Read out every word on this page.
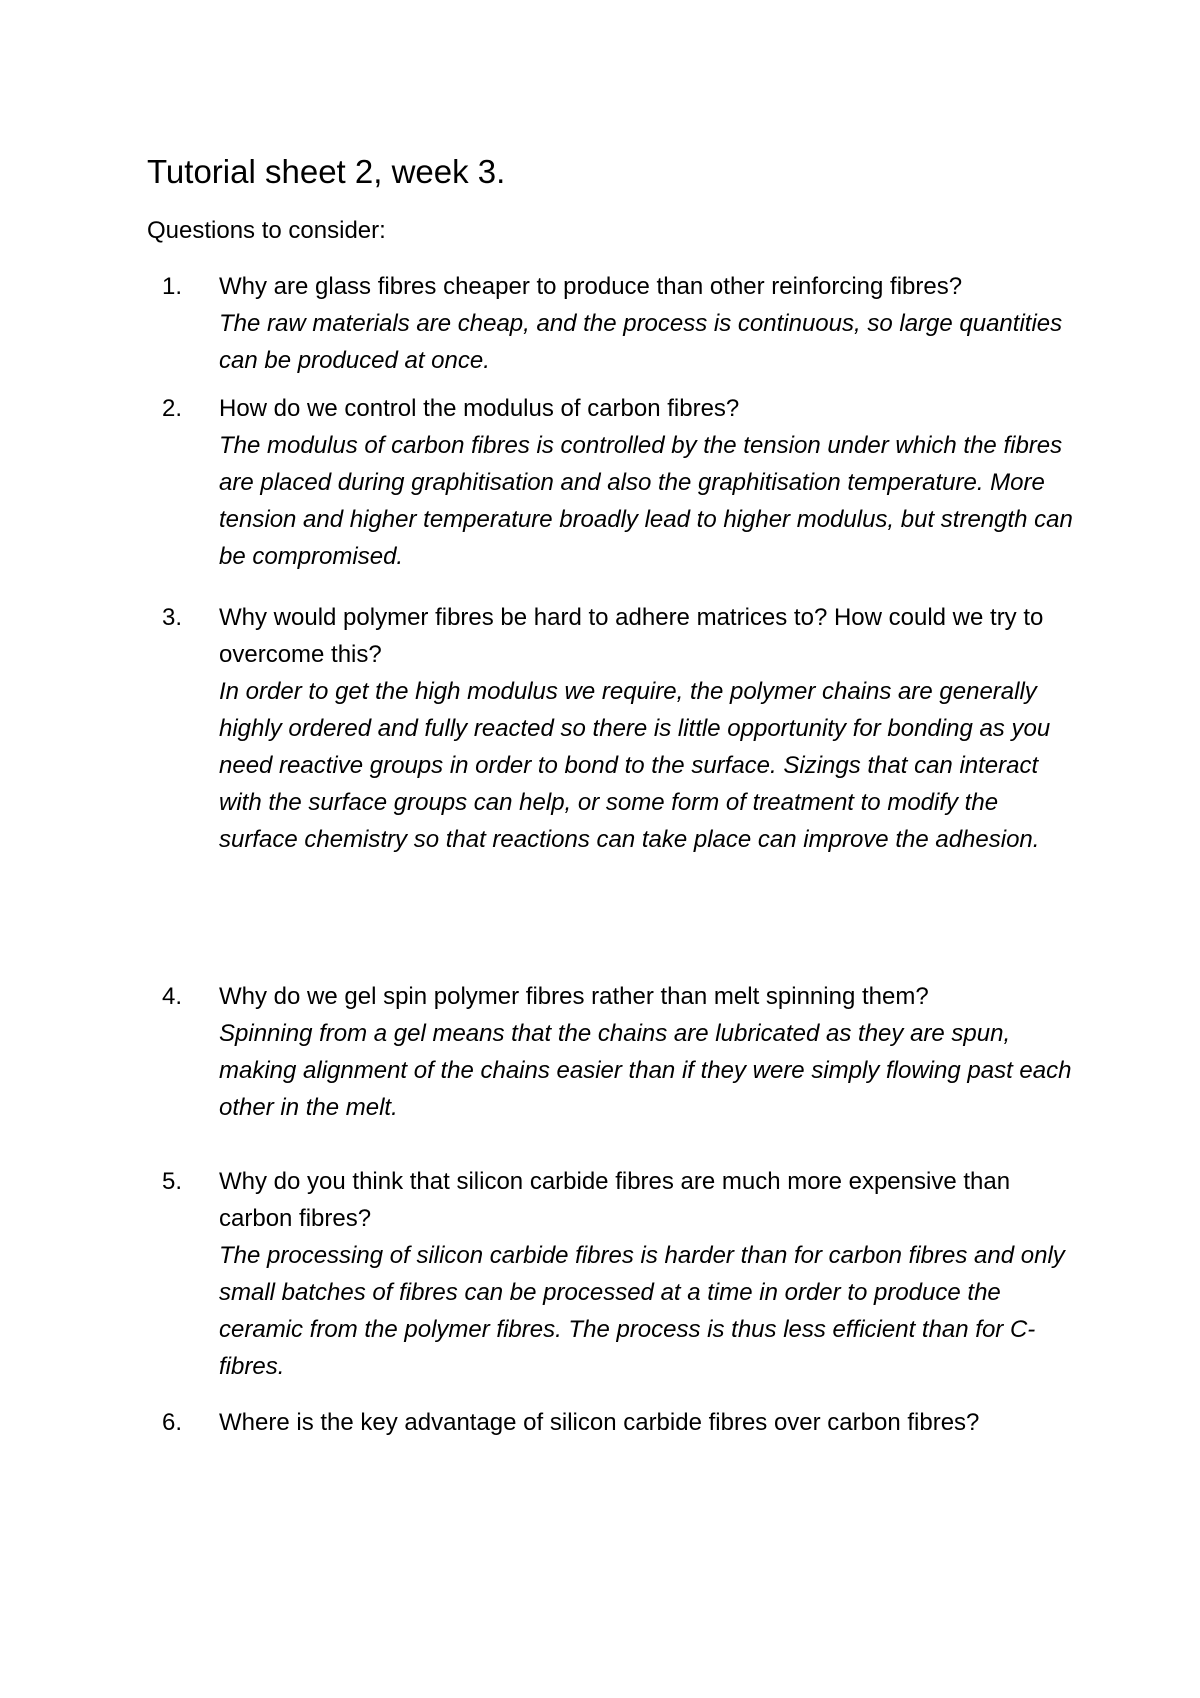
Tutorial sheet 2, week 3.

Questions to consider:

1. Why are glass fibres cheaper to produce than other reinforcing fibres?

The raw materials are cheap, and the process is continuous, so large quantities can be produced at once.

2. How do we control the modulus of carbon fibres?

The modulus of carbon fibres is controlled by the tension under which the fibres are placed during graphitisation and also the graphitisation temperature. More tension and higher temperature broadly lead to higher modulus, but strength can be compromised.

3. Why would polymer fibres be hard to adhere matrices to? How could we try to overcome this?

In order to get the high modulus we require, the polymer chains are generally highly ordered and fully reacted so there is little opportunity for bonding as you need reactive groups in order to bond to the surface. Sizings that can interact with the surface groups can help, or some form of treatment to modify the surface chemistry so that reactions can take place can improve the adhesion.

4. Why do we gel spin polymer fibres rather than melt spinning them?

Spinning from a gel means that the chains are lubricated as they are spun, making alignment of the chains easier than if they were simply flowing past each other in the melt.

5. Why do you think that silicon carbide fibres are much more expensive than carbon fibres?

The processing of silicon carbide fibres is harder than for carbon fibres and only small batches of fibres can be processed at a time in order to produce the ceramic from the polymer fibres. The process is thus less efficient than for C-fibres.

6. Where is the key advantage of silicon carbide fibres over carbon fibres?
